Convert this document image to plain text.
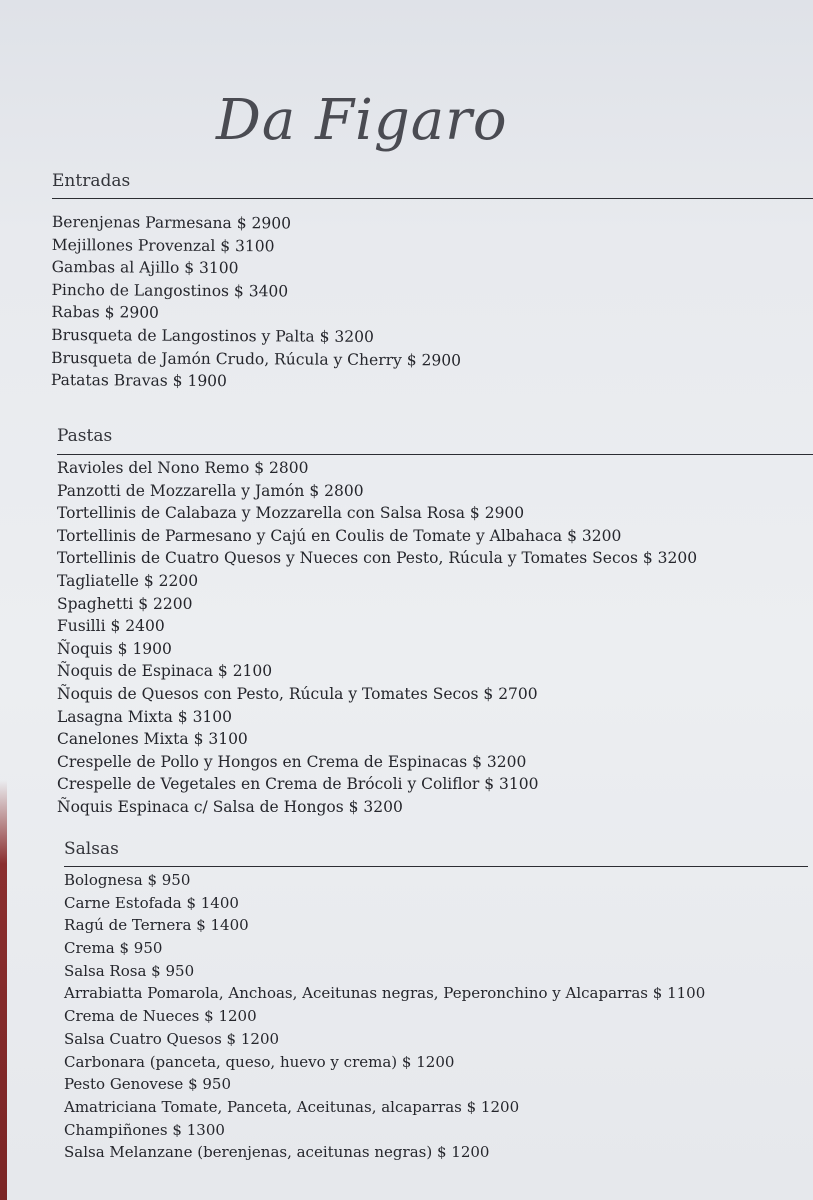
Da Figaro
Entradas
Berenjenas Parmesana $ 2900
Mejillones Provenzal $ 3100
Gambas al Ajillo $ 3100
Pincho de Langostinos $ 3400
Rabas $ 2900
Brusqueta de Langostinos y Palta $ 3200
Brusqueta de Jamón Crudo, Rúcula y Cherry $ 2900
Patatas Bravas $ 1900
Pastas
Ravioles del Nono Remo $ 2800
Panzotti de Mozzarella y Jamón $ 2800
Tortellinis de Calabaza y Mozzarella con Salsa Rosa $ 2900
Tortellinis de Parmesano y Cajú en Coulis de Tomate y Albahaca $ 3200
Tortellinis de Cuatro Quesos y Nueces con Pesto, Rúcula y Tomates Secos $ 3200
Tagliatelle $ 2200
Spaghetti $ 2200
Fusilli $ 2400
Ñoquis $ 1900
Ñoquis de Espinaca $ 2100
Ñoquis de Quesos con Pesto, Rúcula y Tomates Secos $ 2700
Lasagna Mixta $ 3100
Canelones Mixta $ 3100
Crespelle de Pollo y Hongos en Crema de Espinacas $ 3200
Crespelle de Vegetales en Crema de Brócoli y Coliflor $ 3100
Ñoquis Espinaca c/ Salsa de Hongos $ 3200
Salsas
Bolognesa $ 950
Carne Estofada $ 1400
Ragú de Ternera $ 1400
Crema $ 950
Salsa Rosa $ 950
Arrabiatta Pomarola, Anchoas, Aceitunas negras, Peperonchino y Alcaparras $ 1100
Crema de Nueces $ 1200
Salsa Cuatro Quesos $ 1200
Carbonara (panceta, queso, huevo y crema) $ 1200
Pesto Genovese $ 950
Amatriciana Tomate, Panceta, Aceitunas, alcaparras $ 1200
Champiñones $ 1300
Salsa Melanzane (berenjenas, aceitunas negras) $ 1200
